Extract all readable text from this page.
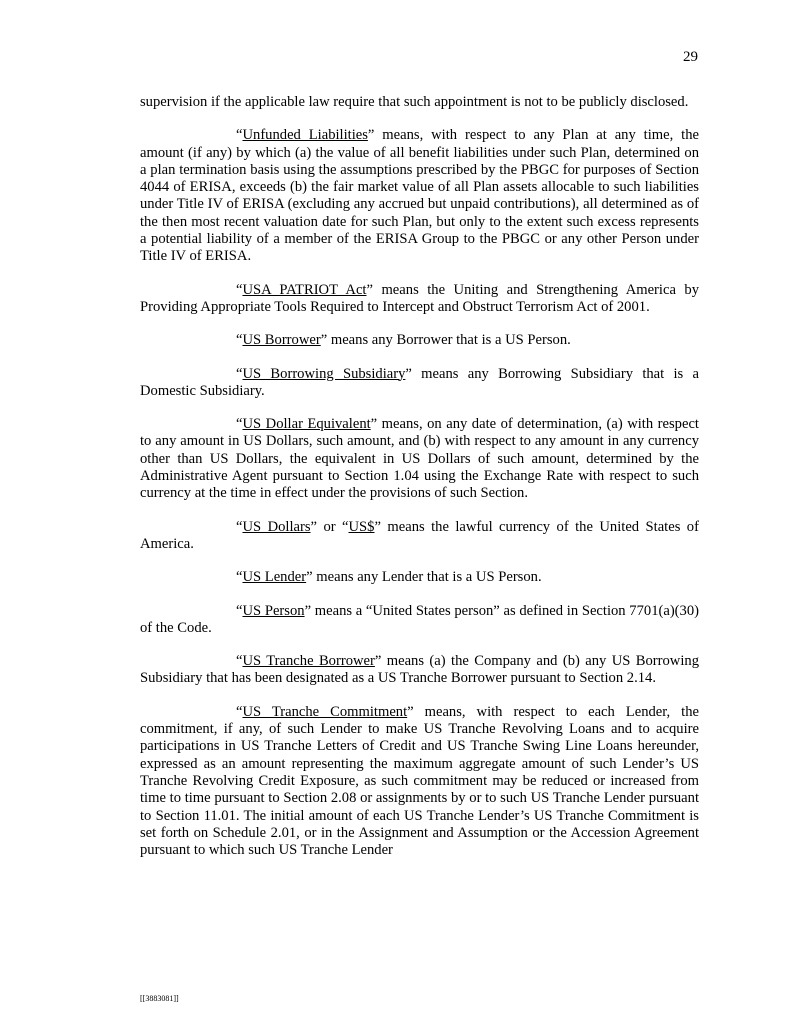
29

supervision if the applicable law require that such appointment is not to be publicly disclosed.

“Unfunded Liabilities” means, with respect to any Plan at any time, the amount (if any) by which (a) the value of all benefit liabilities under such Plan, determined on a plan termination basis using the assumptions prescribed by the PBGC for purposes of Section 4044 of ERISA, exceeds (b) the fair market value of all Plan assets allocable to such liabilities under Title IV of ERISA (excluding any accrued but unpaid contributions), all determined as of the then most recent valuation date for such Plan, but only to the extent such excess represents a potential liability of a member of the ERISA Group to the PBGC or any other Person under Title IV of ERISA.

“USA PATRIOT Act” means the Uniting and Strengthening America by Providing Appropriate Tools Required to Intercept and Obstruct Terrorism Act of 2001.

“US Borrower” means any Borrower that is a US Person.

“US Borrowing Subsidiary” means any Borrowing Subsidiary that is a Domestic Subsidiary.

“US Dollar Equivalent” means, on any date of determination, (a) with respect to any amount in US Dollars, such amount, and (b) with respect to any amount in any currency other than US Dollars, the equivalent in US Dollars of such amount, determined by the Administrative Agent pursuant to Section 1.04 using the Exchange Rate with respect to such currency at the time in effect under the provisions of such Section.

“US Dollars” or “US$” means the lawful currency of the United States of America.

“US Lender” means any Lender that is a US Person.

“US Person” means a “United States person” as defined in Section 7701(a)(30) of the Code.

“US Tranche Borrower” means (a) the Company and (b) any US Borrowing Subsidiary that has been designated as a US Tranche Borrower pursuant to Section 2.14.

“US Tranche Commitment” means, with respect to each Lender, the commitment, if any, of such Lender to make US Tranche Revolving Loans and to acquire participations in US Tranche Letters of Credit and US Tranche Swing Line Loans hereunder, expressed as an amount representing the maximum aggregate amount of such Lender’s US Tranche Revolving Credit Exposure, as such commitment may be reduced or increased from time to time pursuant to Section 2.08 or assignments by or to such US Tranche Lender pursuant to Section 11.01. The initial amount of each US Tranche Lender’s US Tranche Commitment is set forth on Schedule 2.01, or in the Assignment and Assumption or the Accession Agreement pursuant to which such US Tranche Lender

[[3883081]]
